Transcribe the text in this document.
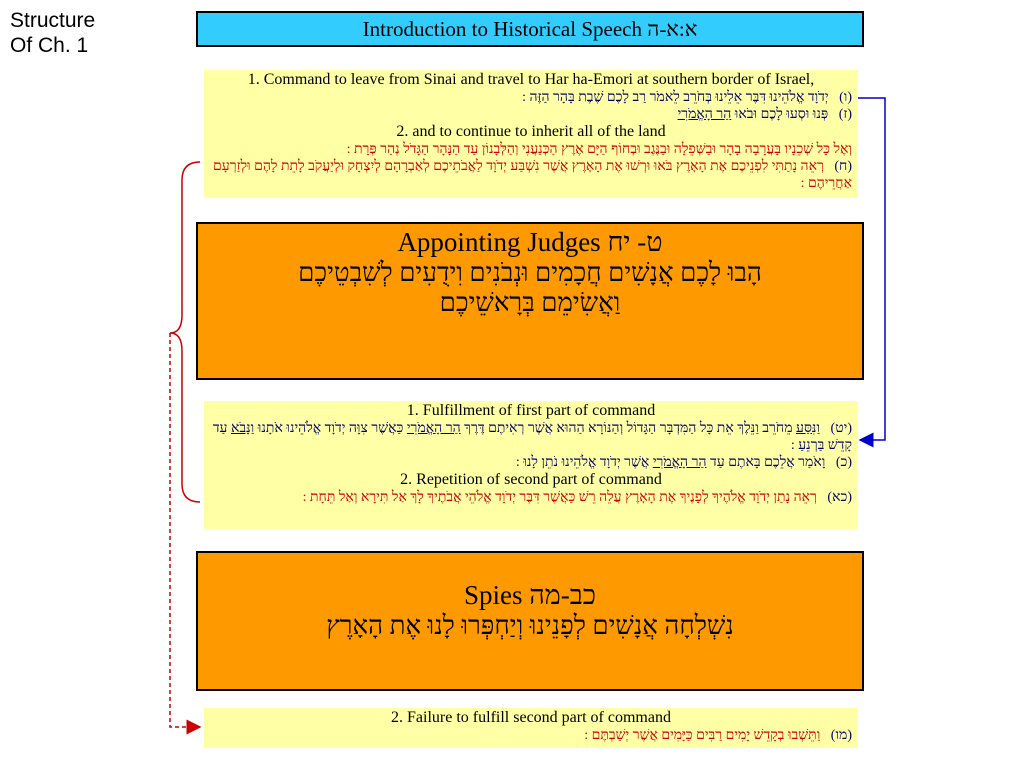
Structure
Of Ch. 1
Introduction to Historical Speech א:א-ה
1. Command to leave from Sinai and travel to Har ha-Emori at southern border of Israel,
(ו)   יְדֹוָד אֱלֹהֵינוּ דִּבֶּר אֵלֵינוּ בְּחֹרֵב לֵאמֹר רַב לָכֶם שֶׁבֶת בָּהָר הַזֶּה :
(ז)   פְּנוּ וּסְעוּ לָכֶם וּבֹאוּ הַר הָאֱמֹרִי
2. and to continue to inherit all of the land
וְאֶל כָּל שְׁכֵנָיו בָּעֲרָבָה בָהָר וּבַשְּׁפֵלָה וּבַנֶּגֶב וּבְחוֹף הַיָּם אֶרֶץ הַכְּנַעֲנִי וְהַלְּבָנוֹן עַד הַנָּהָר הַגָּדֹל נְהַר פְּרָת :
(ח)   רְאֵה נָתַתִּי לִפְנֵיכֶם אֶת הָאָרֶץ בֹּאוּ וּרְשׁוּ אֶת הָאָרֶץ אֲשֶׁר נִשְׁבַּע יְדֹוָד לַאֲבֹתֵיכֶם לְאַבְרָהָם לְיִצְחָק וּלְיַעֲקֹב לָתֵת לָהֶם וּלְזַרְעָם אַחֲרֵיהֶם :
Appointing Judges ט- יח
הָבוּ לָכֶם אֲנָשִׁים חֲכָמִים וּנְבֹנִים וִידֻעִים לְשִׁבְטֵיכֶם
וַאֲשִׂימֵם בְּרָאשֵׁיכֶם
1. Fulfillment of first part of command
(יט)   וַנִּסַּע מֵחֹרֵב וַנֵּלֶךְ אֵת כָּל הַמִּדְבָּר הַגָּדוֹל וְהַנּוֹרָא הַהוּא אֲשֶׁר רְאִיתֶם דֶּרֶךְ הַר הָאֱמֹרִי כַּאֲשֶׁר צִוָּה יְדֹוָד אֱלֹהֵינוּ אֹתָנוּ וַנָּבֹא עַד קָדֵשׁ בַּרְנֵעַ :
(כ)   וָאֹמַר אֲלֵכֶם בָּאתֶם עַד הַר הָאֱמֹרִי אֲשֶׁר יְדֹוָד אֱלֹהֵינוּ נֹתֵן לָנוּ :
2. Repetition of second part of command
(כא)   רְאֵה נָתַן יְדֹוָד אֱלֹהֶיךָ לְפָנֶיךָ אֶת הָאָרֶץ עֲלֵה רֵשׁ כַּאֲשֶׁר דִּבֶּר יְדֹוָד אֱלֹהֵי אֲבֹתֶיךָ לָךְ אַל תִּירָא וְאַל תֵּחָת :
Spies כב-מה
נִשְׁלְחָה אֲנָשִׁים לְפָנֵינוּ וְיַחְפְּרוּ לָנוּ אֶת הָאָרֶץ
2. Failure to fulfill second part of command
(מו)   וַתֵּשְׁבוּ בְקָדֵשׁ יָמִים רַבִּים כַּיָּמִים אֲשֶׁר יְשַׁבְתֶּם :
